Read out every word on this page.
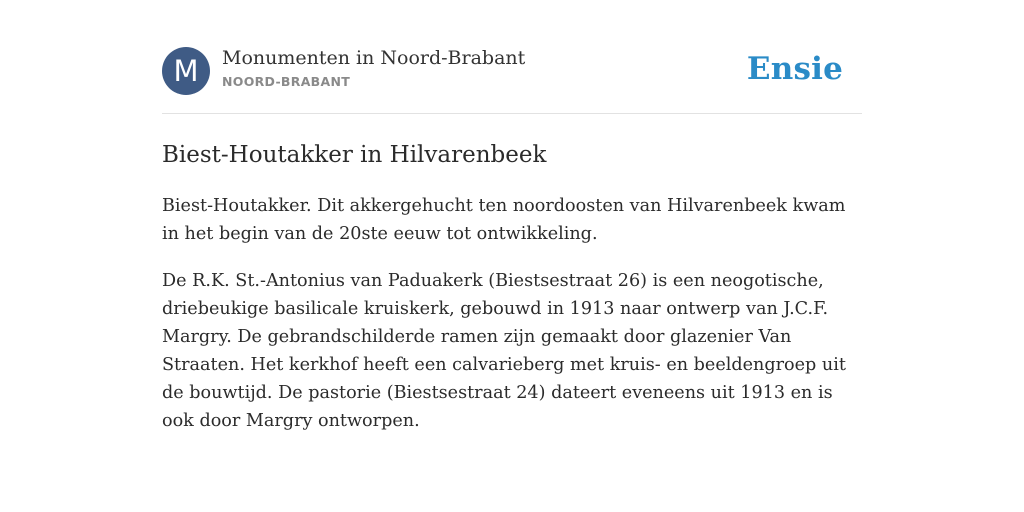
M	Monumenten in Noord-Brabant
NOORD-BRABANT	Ensie
Biest-Houtakker in Hilvarenbeek

Biest-Houtakker. Dit akkergehucht ten noordoosten van Hilvarenbeek kwam in het begin van de 20ste eeuw tot ontwikkeling.

De R.K. St.-Antonius van Paduakerk (Biestsestraat 26) is een neogotische, driebeukige basilicale kruiskerk, gebouwd in 1913 naar ontwerp van J.C.F. Margry. De gebrandschilderde ramen zijn gemaakt door glazenier Van Straaten. Het kerkhof heeft een calvarieberg met kruis- en beeldengroep uit de bouwtijd. De pastorie (Biestsestraat 24) dateert eveneens uit 1913 en is ook door Margry ontworpen.
